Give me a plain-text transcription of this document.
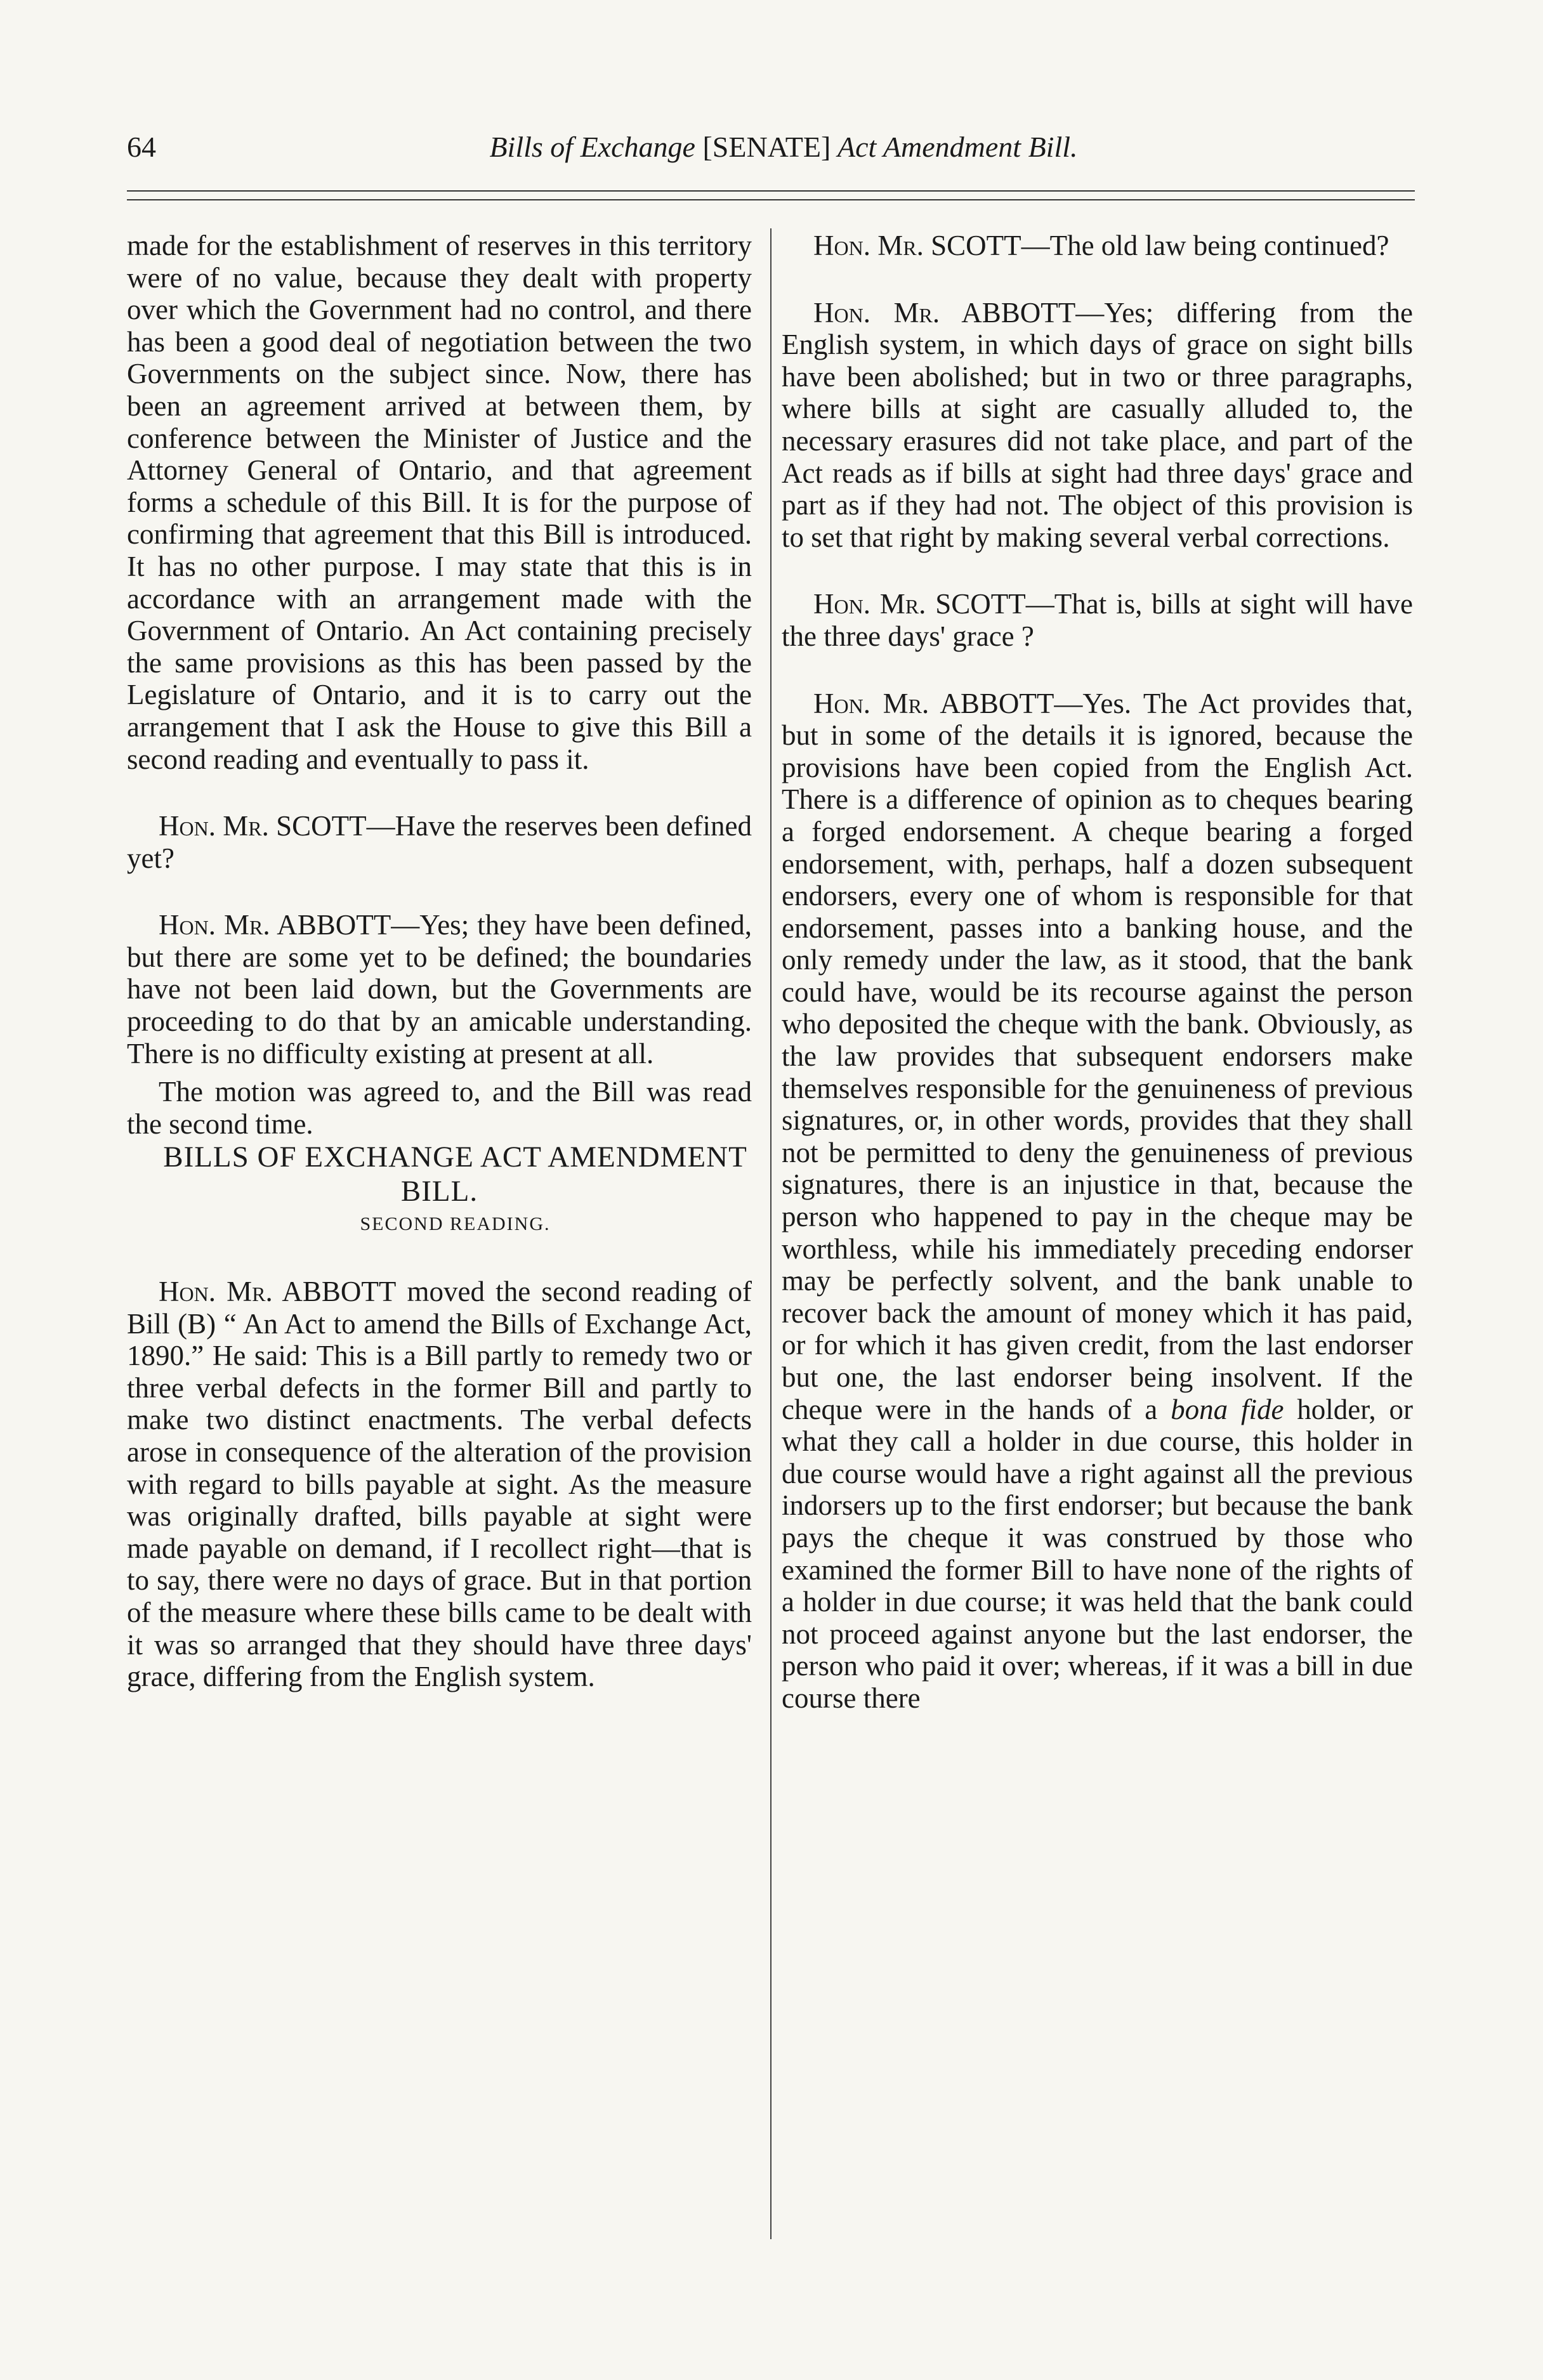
64	Bills of Exchange [SENATE] Act Amendment Bill.

made for the establishment of reserves in this territory were of no value, because they dealt with property over which the Government had no control, and there has been a good deal of negotiation between the two Governments on the subject since. Now, there has been an agreement arrived at between them, by conference between the Minister of Justice and the Attorney General of Ontario, and that agreement forms a schedule of this Bill. It is for the purpose of confirming that agreement that this Bill is introduced. It has no other purpose. I may state that this is in accordance with an arrangement made with the Government of Ontario. An Act containing precisely the same provisions as this has been passed by the Legislature of Ontario, and it is to carry out the arrangement that I ask the House to give this Bill a second reading and eventually to pass it.

Hon. Mr. SCOTT—Have the reserves been defined yet?

Hon. Mr. ABBOTT—Yes; they have been defined, but there are some yet to be defined; the boundaries have not been laid down, but the Governments are proceeding to do that by an amicable understanding. There is no difficulty existing at present at all.

The motion was agreed to, and the Bill was read the second time.

BILLS OF EXCHANGE ACT AMENDMENT BILL.

SECOND READING.

Hon. Mr. ABBOTT moved the second reading of Bill (B) “ An Act to amend the Bills of Exchange Act, 1890.” He said: This is a Bill partly to remedy two or three verbal defects in the former Bill and partly to make two distinct enactments. The verbal defects arose in consequence of the alteration of the provision with regard to bills payable at sight. As the measure was originally drafted, bills payable at sight were made payable on demand, if I recollect right—that is to say, there were no days of grace. But in that portion of the measure where these bills came to be dealt with it was so arranged that they should have three days' grace, differing from the English system.

Hon. Mr. SCOTT—The old law being continued?

Hon. Mr. ABBOTT—Yes; differing from the English system, in which days of grace on sight bills have been abolished; but in two or three paragraphs, where bills at sight are casually alluded to, the necessary erasures did not take place, and part of the Act reads as if bills at sight had three days' grace and part as if they had not. The object of this provision is to set that right by making several verbal corrections.

Hon. Mr. SCOTT—That is, bills at sight will have the three days' grace ?

Hon. Mr. ABBOTT—Yes. The Act provides that, but in some of the details it is ignored, because the provisions have been copied from the English Act. There is a difference of opinion as to cheques bearing a forged endorsement. A cheque bearing a forged endorsement, with, perhaps, half a dozen subsequent endorsers, every one of whom is responsible for that endorsement, passes into a banking house, and the only remedy under the law, as it stood, that the bank could have, would be its recourse against the person who deposited the cheque with the bank. Obviously, as the law provides that subsequent endorsers make themselves responsible for the genuineness of previous signatures, or, in other words, provides that they shall not be permitted to deny the genuineness of previous signatures, there is an injustice in that, because the person who happened to pay in the cheque may be worthless, while his immediately preceding endorser may be perfectly solvent, and the bank unable to recover back the amount of money which it has paid, or for which it has given credit, from the last endorser but one, the last endorser being insolvent. If the cheque were in the hands of a bona fide holder, or what they call a holder in due course, this holder in due course would have a right against all the previous indorsers up to the first endorser; but because the bank pays the cheque it was construed by those who examined the former Bill to have none of the rights of a holder in due course; it was held that the bank could not proceed against anyone but the last endorser, the person who paid it over; whereas, if it was a bill in due course there
